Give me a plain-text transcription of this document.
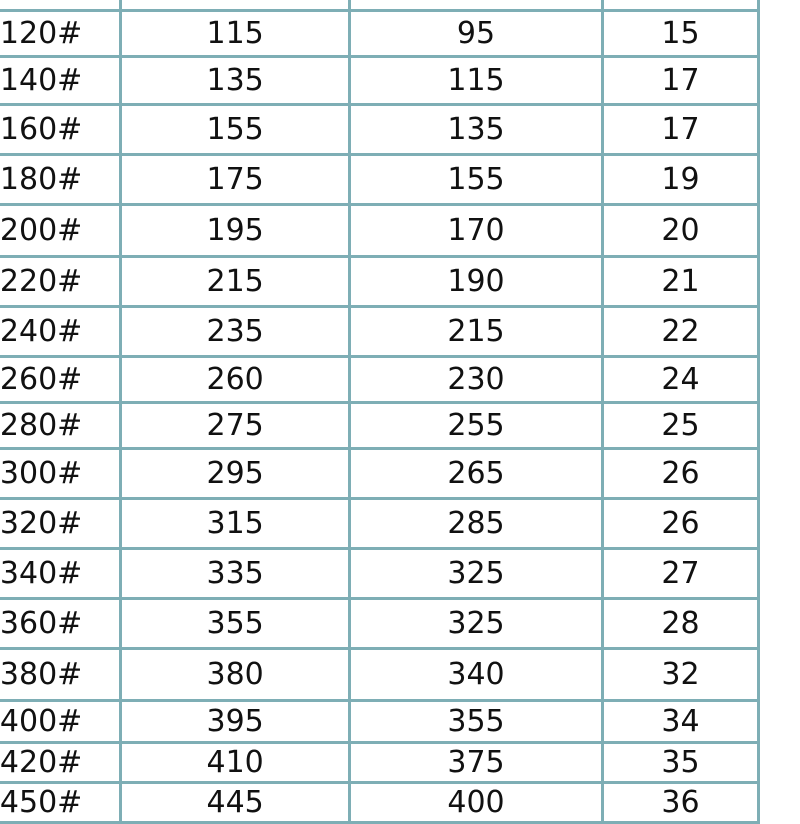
120#	115	95	15
140#	135	115	17
160#	155	135	17
180#	175	155	19
200#	195	170	20
220#	215	190	21
240#	235	215	22
260#	260	230	24
280#	275	255	25
300#	295	265	26
320#	315	285	26
340#	335	325	27
360#	355	325	28
380#	380	340	32
400#	395	355	34
420#	410	375	35
450#	445	400	36
